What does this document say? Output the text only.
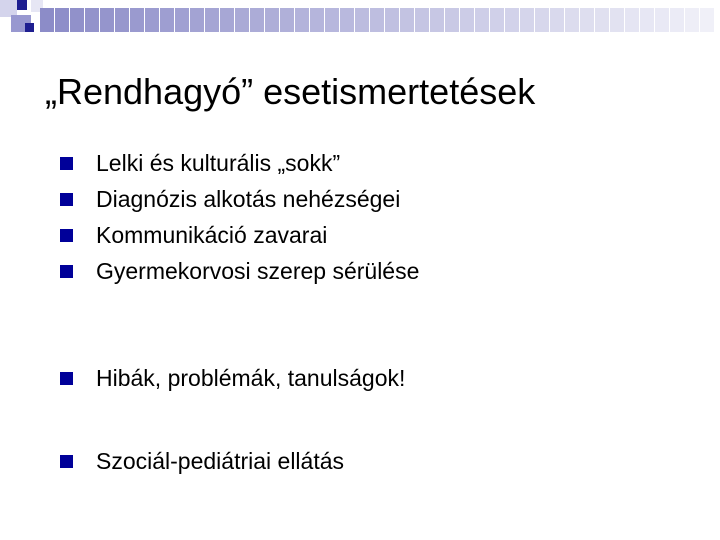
„Rendhagyó” esetismertetések
Lelki és kulturális „sokk”
Diagnózis alkotás nehézségei
Kommunikáció zavarai
Gyermekorvosi szerep sérülése
Hibák, problémák, tanulságok!
Szociál-pediátriai ellátás
